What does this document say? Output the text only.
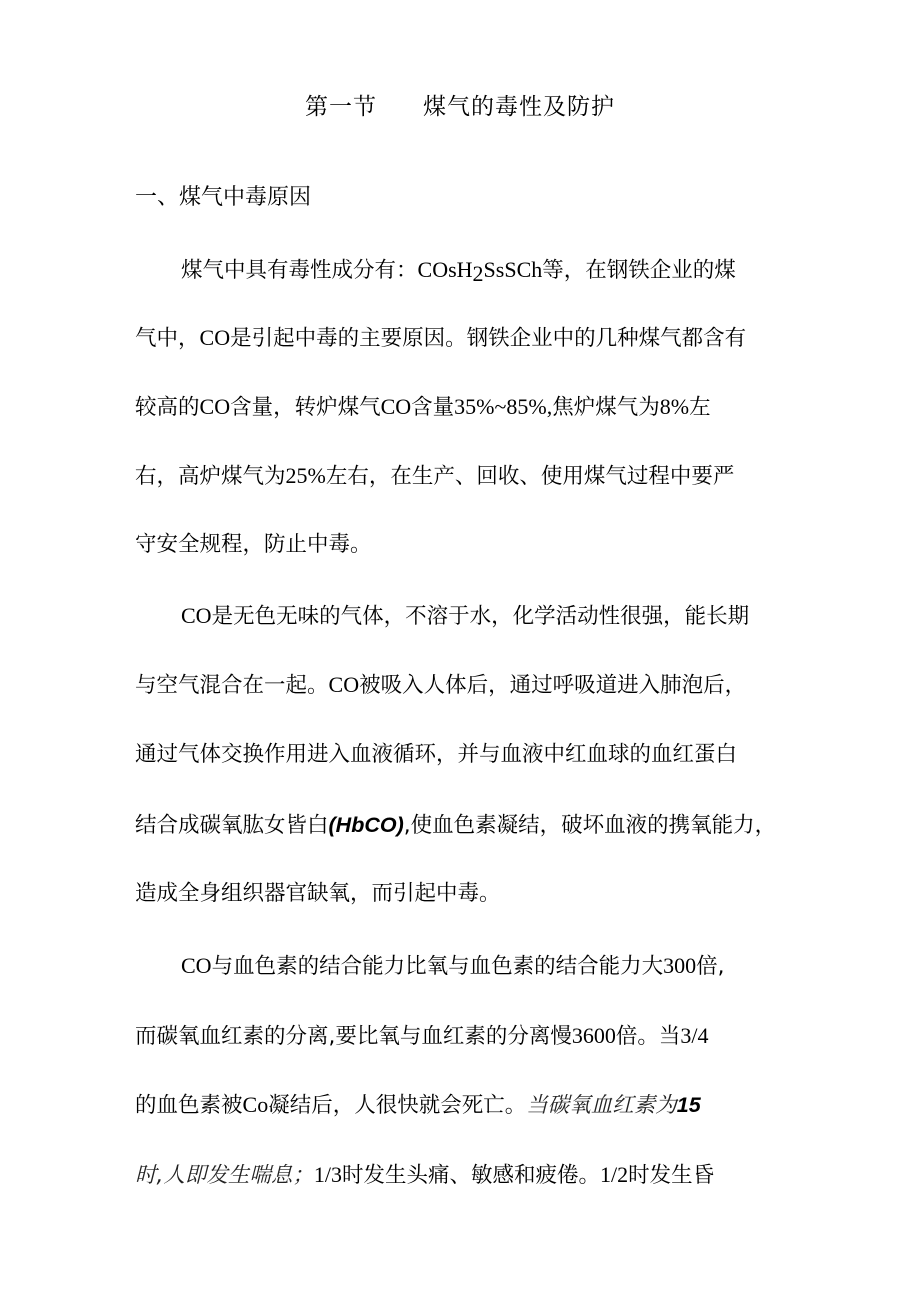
第一节 煤气的毒性及防护
一、煤气中毒原因
煤气中具有毒性成分有：COsH$_2$SsSCh等，在钢铁企业的煤
气中，CO是引起中毒的主要原因。钢铁企业中的几种煤气都含有
较高的CO含量，转炉煤气CO含量35%~85%,焦炉煤气为8%左
右，高炉煤气为25%左右，在生产、回收、使用煤气过程中要严
守安全规程，防止中毒。
CO是无色无味的气体，不溶于水，化学活动性很强，能长期
与空气混合在一起。CO被吸入人体后，通过呼吸道进入肺泡后，
通过气体交换作用进入血液循环，并与血液中红血球的血红蛋白
结合成碳氧肱女皆白(HbCO),使血色素凝结，破坏血液的携氧能力，
造成全身组织器官缺氧，而引起中毒。
CO与血色素的结合能力比氧与血色素的结合能力大300倍,
而碳氧血红素的分离,要比氧与血红素的分离慢3600倍。当3/4
的血色素被Co凝结后，人很快就会死亡。当碳氧血红素为15
时,人即发生喘息；1/3时发生头痛、敏感和疲倦。1/2时发生昏
